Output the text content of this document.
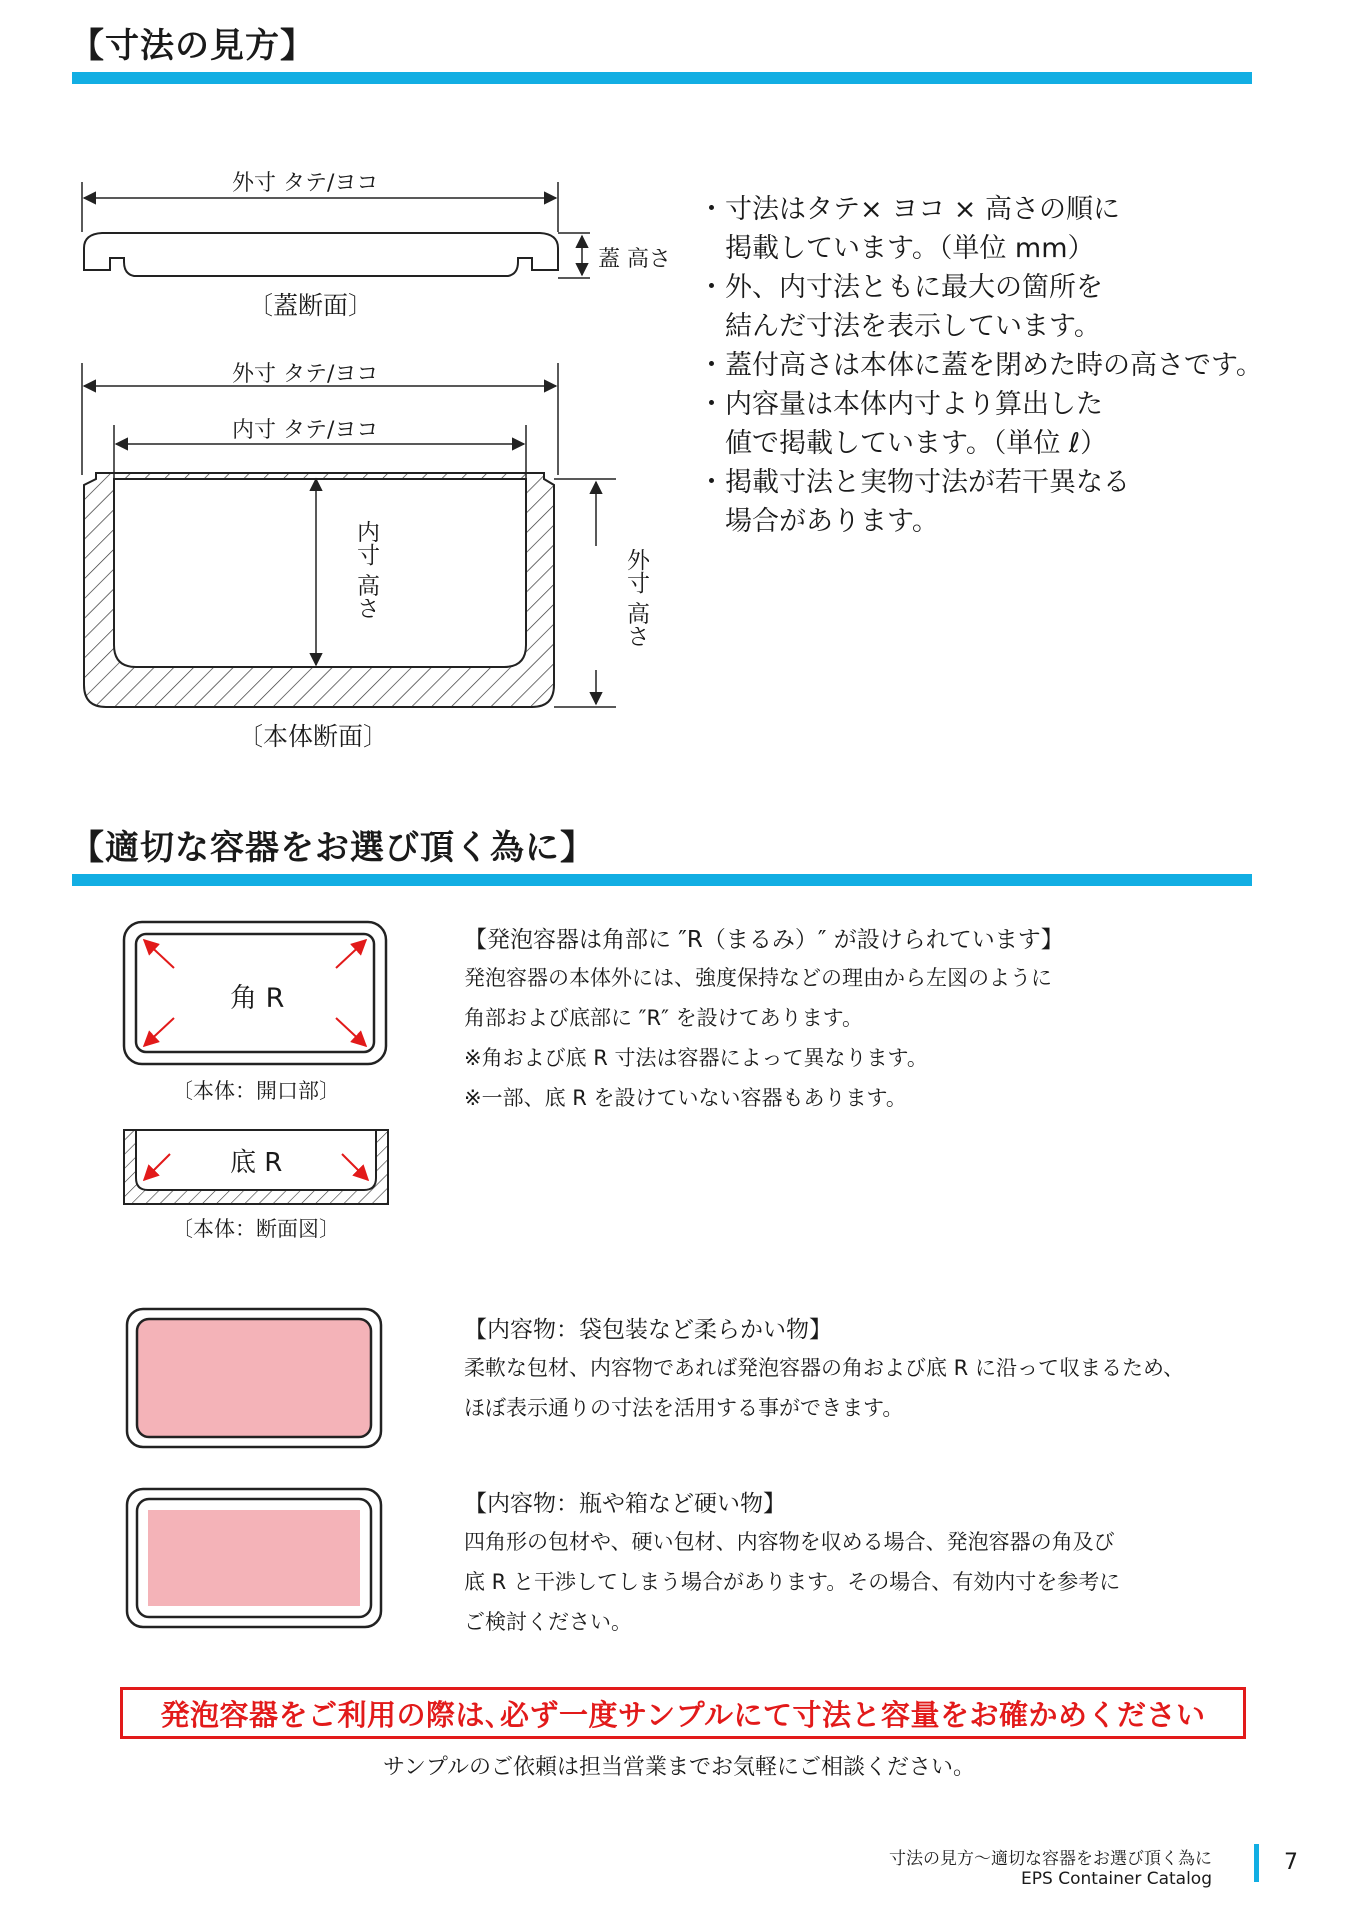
【寸法の見方】
外寸 タテ/ヨコ
蓋 高さ
〔蓋断面〕
外寸 タテ/ヨコ
内寸 タテ/ヨコ
内寸 高さ	外寸 高さ
〔本体断面〕
・寸法はタテ× ヨコ × 高さの順に
　掲載しています。（単位 mm）
・外、内寸法ともに最大の箇所を
　結んだ寸法を表示しています。
・蓋付高さは本体に蓋を閉めた時の高さです。
・内容量は本体内寸より算出した
　値で掲載しています。（単位 ℓ）
・掲載寸法と実物寸法が若干異なる
　場合があります。
【適切な容器をお選び頂く為に】
角 R
〔本体：開口部〕
底 R
〔本体：断面図〕
【発泡容器は角部に ″R（まるみ）″ が設けられています】
発泡容器の本体外には、強度保持などの理由から左図のように
角部および底部に ″R″ を設けてあります。
※角および底 R 寸法は容器によって異なります。
※一部、底 R を設けていない容器もあります。
【内容物：袋包装など柔らかい物】
柔軟な包材、内容物であれば発泡容器の角および底 R に沿って収まるため、
ほぼ表示通りの寸法を活用する事ができます。
【内容物：瓶や箱など硬い物】
四角形の包材や、硬い包材、内容物を収める場合、発泡容器の角及び
底 R と干渉してしまう場合があります。その場合、有効内寸を参考に
ご検討ください。
発泡容器をご利用の際は､必ず一度サンプルにて寸法と容量をお確かめください
サンプルのご依頼は担当営業までお気軽にご相談ください。
寸法の見方〜適切な容器をお選び頂く為に
EPS Container Catalog
7
